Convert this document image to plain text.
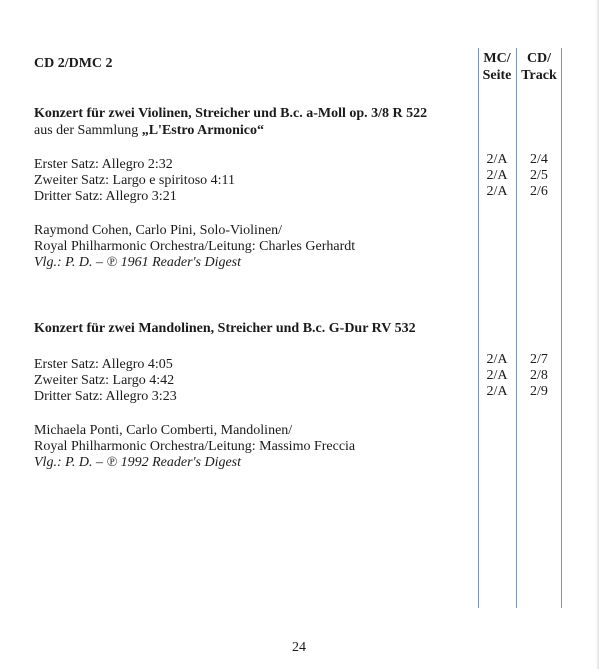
CD 2/DMC 2	MC/
Seite
CD/
Track
Konzert für zwei Violinen, Streicher und B.c. a-Moll op. 3/8 R 522
aus der Sammlung „L'Estro Armonico“
Erster Satz: Allegro 2:32
Zweiter Satz: Largo e spiritoso 4:11
Dritter Satz: Allegro 3:21
2/A
2/A
2/A
2/4
2/5
2/6
Raymond Cohen, Carlo Pini, Solo-Violinen/
Royal Philharmonic Orchestra/Leitung: Charles Gerhardt
Vlg.: P. D. – ℗ 1961 Reader's Digest
Konzert für zwei Mandolinen, Streicher und B.c. G-Dur RV 532
Erster Satz: Allegro 4:05
Zweiter Satz: Largo 4:42
Dritter Satz: Allegro 3:23
2/A
2/A
2/A
2/7
2/8
2/9
Michaela Ponti, Carlo Comberti, Mandolinen/
Royal Philharmonic Orchestra/Leitung: Massimo Freccia
Vlg.: P. D. – ℗ 1992 Reader's Digest
24
